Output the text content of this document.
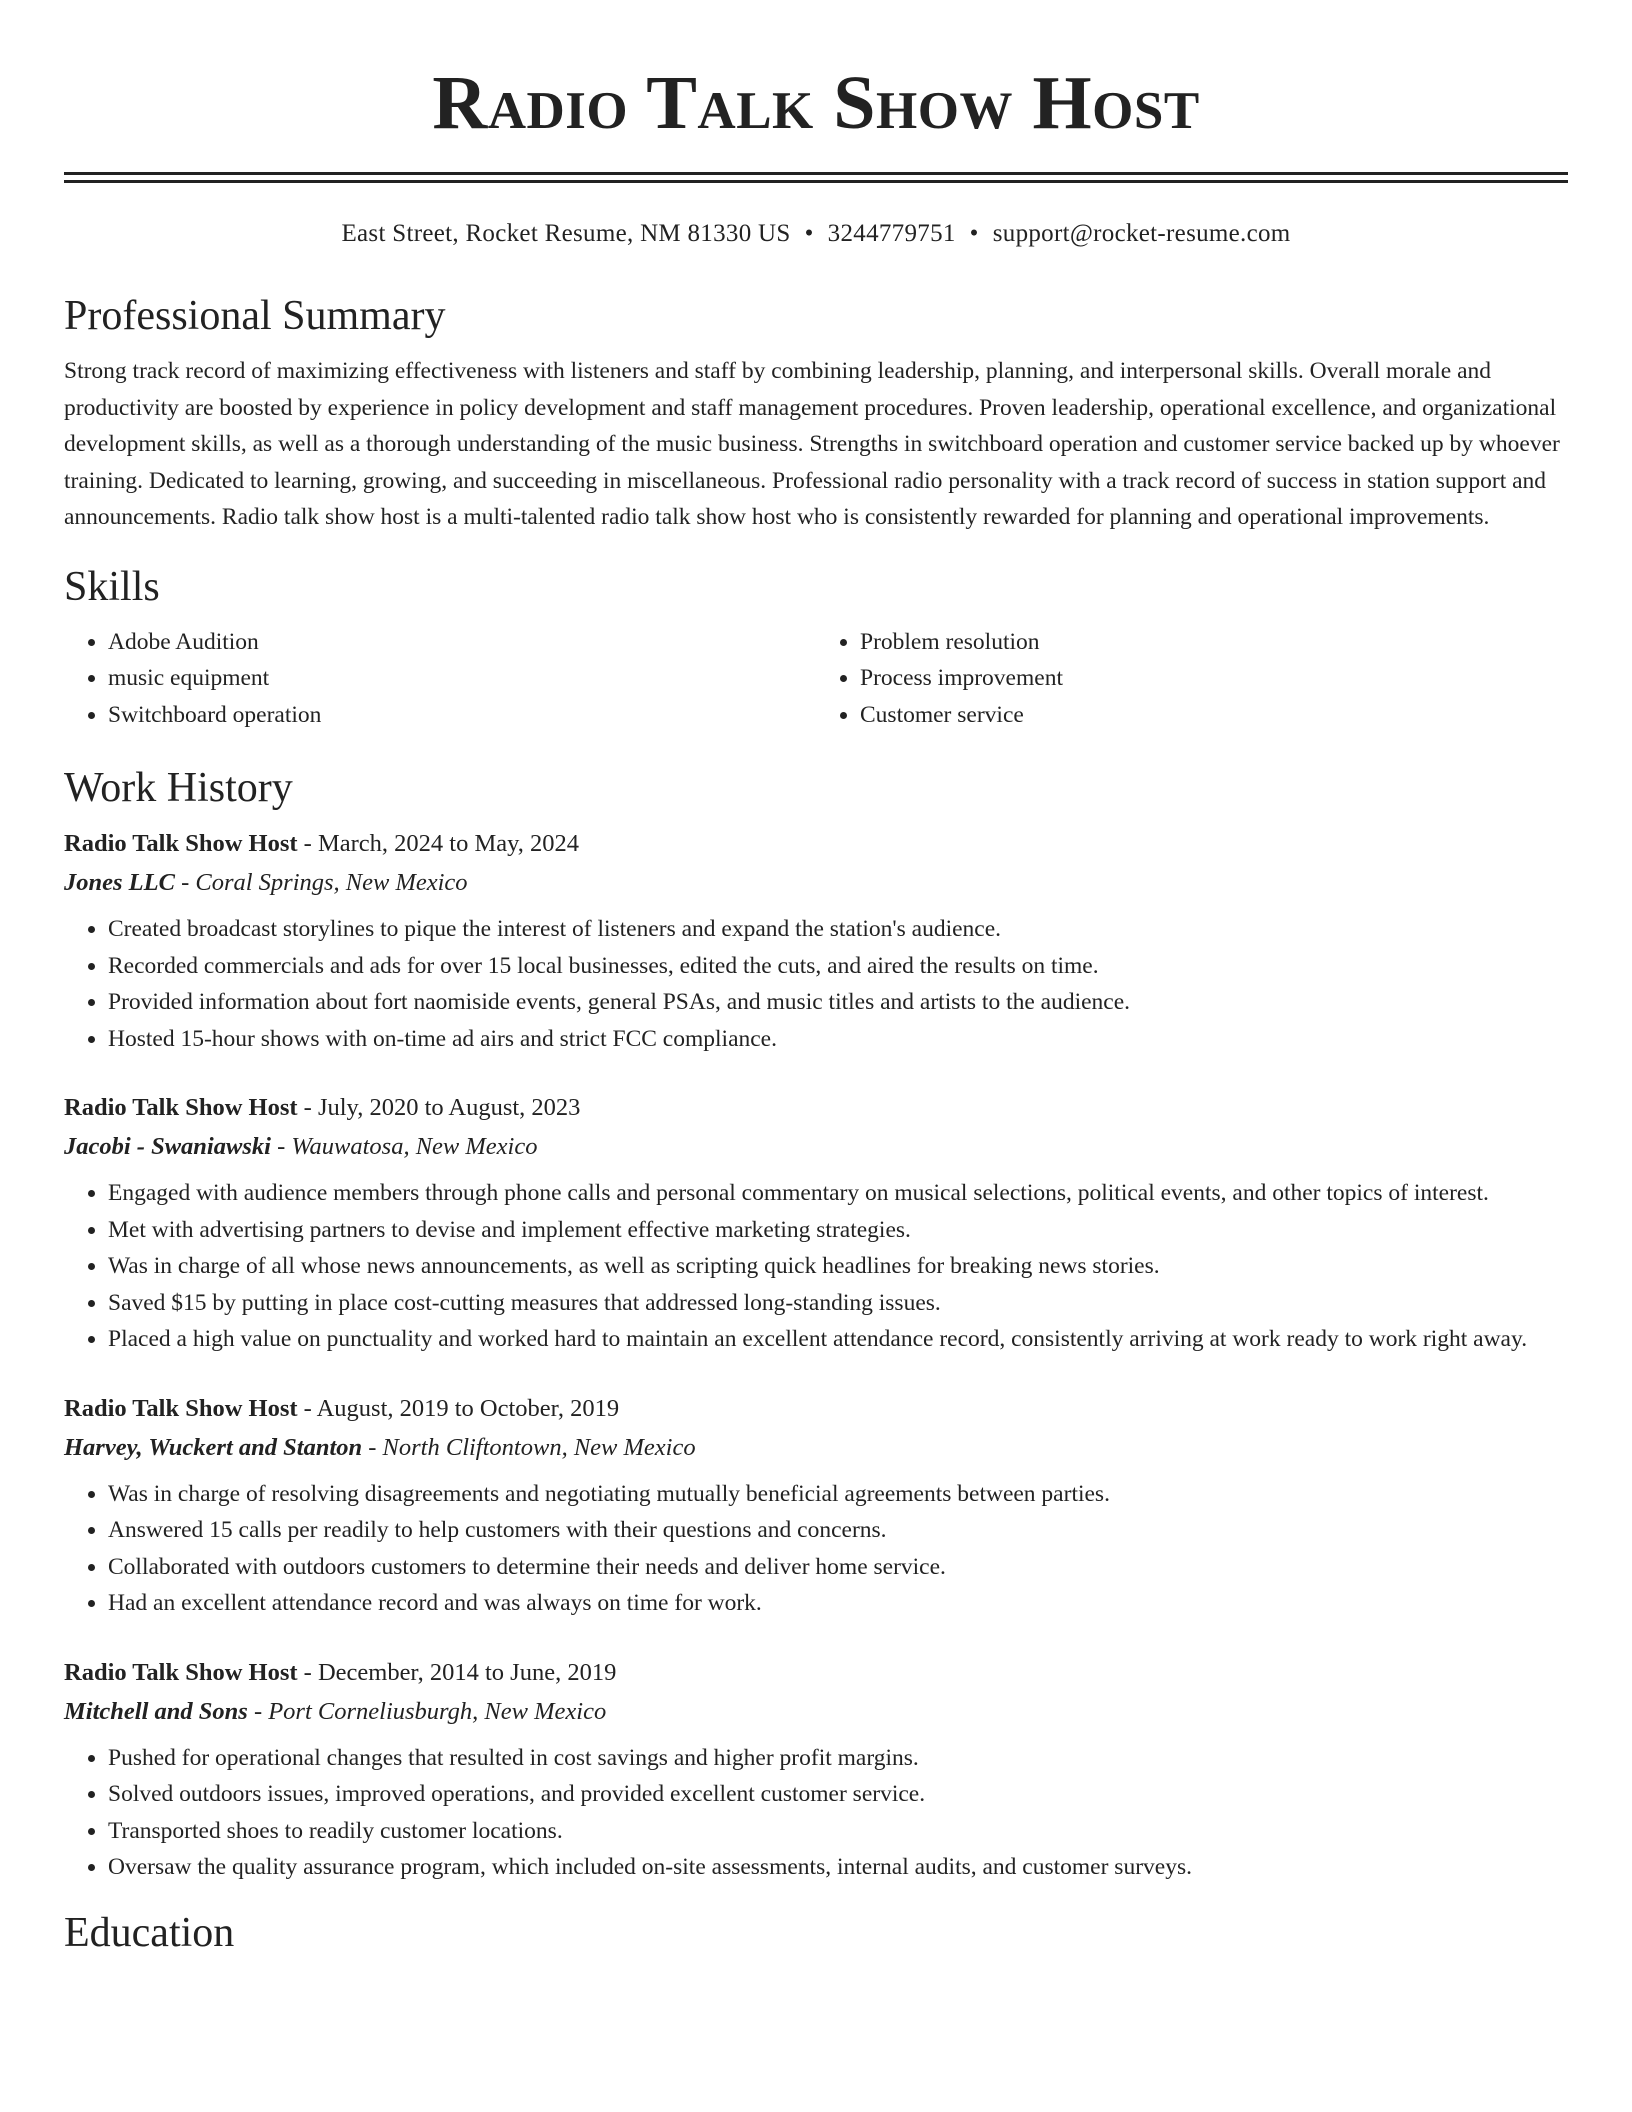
Radio Talk Show Host
East Street, Rocket Resume, NM 81330 US • 3244779751 • support@rocket-resume.com
Professional Summary

Strong track record of maximizing effectiveness with listeners and staff by combining leadership, planning, and interpersonal skills. Overall morale and productivity are boosted by experience in policy development and staff management procedures. Proven leadership, operational excellence, and organizational development skills, as well as a thorough understanding of the music business. Strengths in switchboard operation and customer service backed up by whoever training. Dedicated to learning, growing, and succeeding in miscellaneous. Professional radio personality with a track record of success in station support and announcements. Radio talk show host is a multi-talented radio talk show host who is consistently rewarded for planning and operational improvements.

Skills
• Adobe Audition
• music equipment
• Switchboard operation
• Problem resolution
• Process improvement
• Customer service
Work History

Radio Talk Show Host - March, 2024 to May, 2024

Jones LLC - Coral Springs, New Mexico

• Created broadcast storylines to pique the interest of listeners and expand the station's audience.
• Recorded commercials and ads for over 15 local businesses, edited the cuts, and aired the results on time.
• Provided information about fort naomiside events, general PSAs, and music titles and artists to the audience.
• Hosted 15-hour shows with on-time ad airs and strict FCC compliance.

Radio Talk Show Host - July, 2020 to August, 2023

Jacobi - Swaniawski - Wauwatosa, New Mexico

• Engaged with audience members through phone calls and personal commentary on musical selections, political events, and other topics of interest.
• Met with advertising partners to devise and implement effective marketing strategies.
• Was in charge of all whose news announcements, as well as scripting quick headlines for breaking news stories.
• Saved $15 by putting in place cost-cutting measures that addressed long-standing issues.
• Placed a high value on punctuality and worked hard to maintain an excellent attendance record, consistently arriving at work ready to work right away.

Radio Talk Show Host - August, 2019 to October, 2019

Harvey, Wuckert and Stanton - North Cliftontown, New Mexico

• Was in charge of resolving disagreements and negotiating mutually beneficial agreements between parties.
• Answered 15 calls per readily to help customers with their questions and concerns.
• Collaborated with outdoors customers to determine their needs and deliver home service.
• Had an excellent attendance record and was always on time for work.

Radio Talk Show Host - December, 2014 to June, 2019

Mitchell and Sons - Port Corneliusburgh, New Mexico

• Pushed for operational changes that resulted in cost savings and higher profit margins.
• Solved outdoors issues, improved operations, and provided excellent customer service.
• Transported shoes to readily customer locations.
• Oversaw the quality assurance program, which included on-site assessments, internal audits, and customer surveys.
Education
